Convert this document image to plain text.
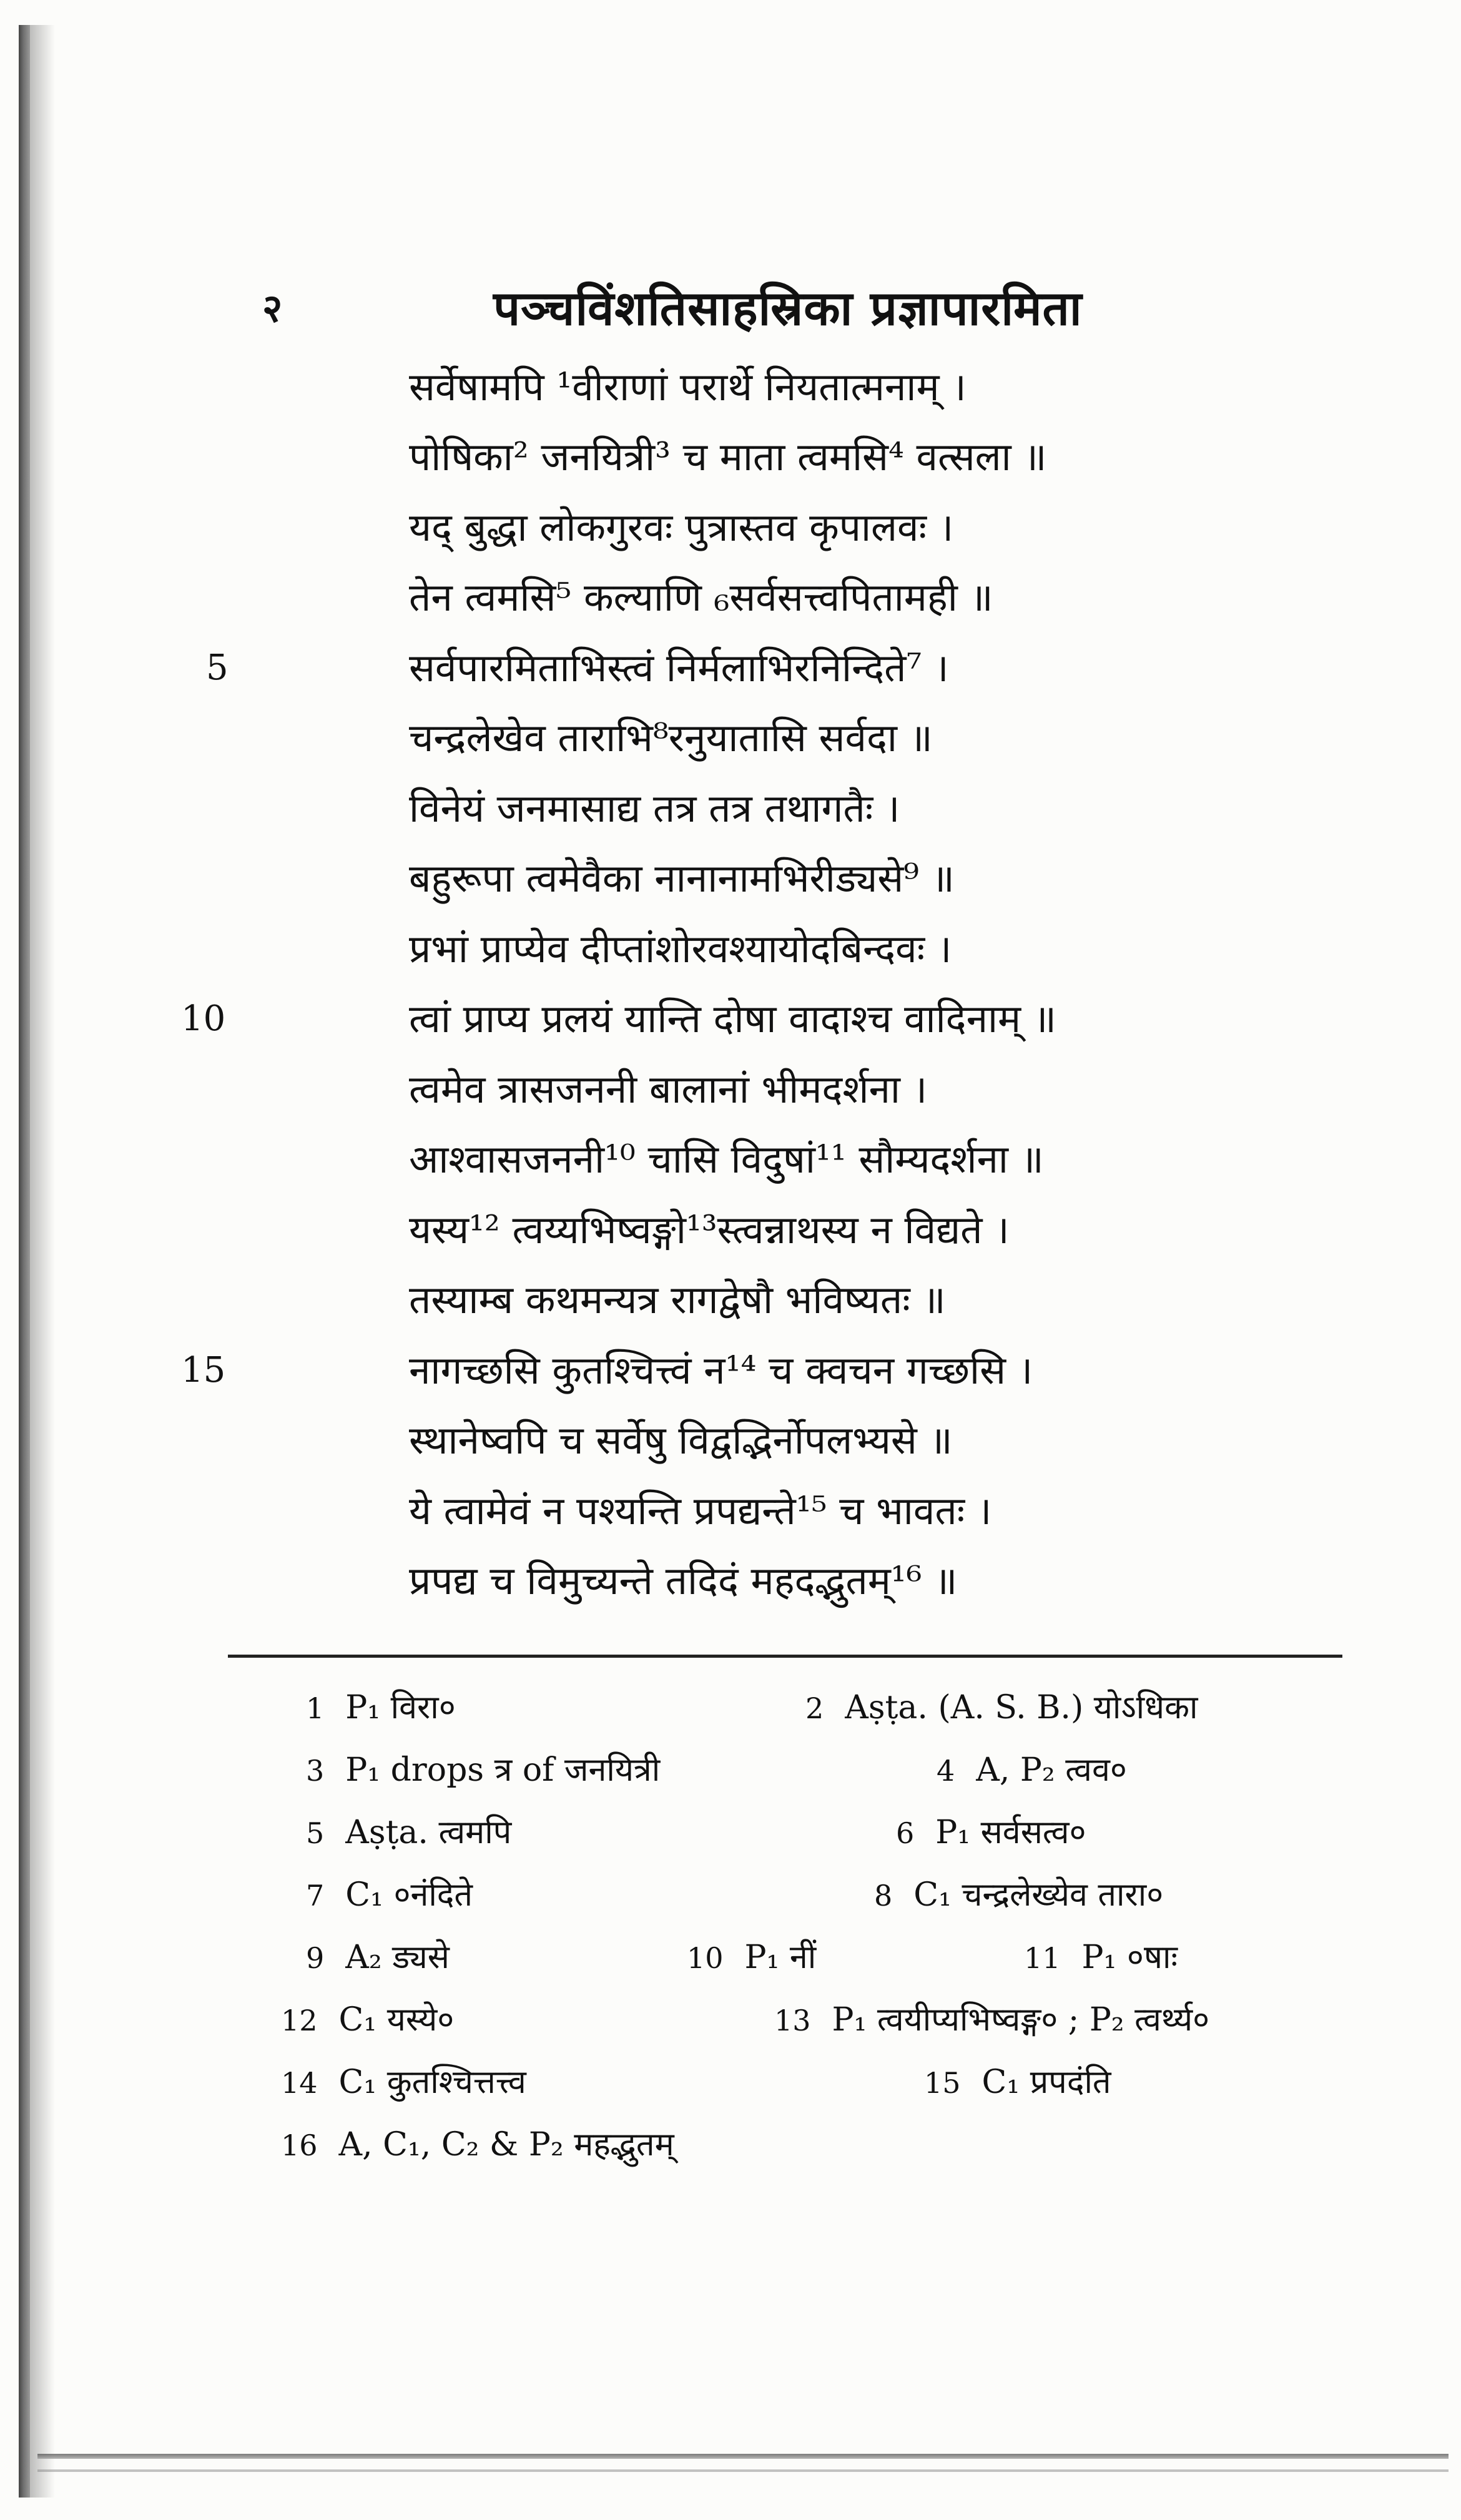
२	पञ्चविंशतिसाहस्रिका प्रज्ञापारमिता
सर्वेषामपि ¹वीराणां परार्थे नियतात्मनाम् ।
पोषिका² जनयित्री³ च माता त्वमसि⁴ वत्सला ॥
यद् बुद्धा लोकगुरवः पुत्रास्तव कृपालवः ।
तेन त्वमसि⁵ कल्याणि ₆सर्वसत्त्वपितामही ॥
5	सर्वपारमिताभिस्त्वं निर्मलाभिरनिन्दिते⁷ ।
चन्द्रलेखेव ताराभि⁸रनुयातासि सर्वदा ॥
विनेयं जनमासाद्य तत्र तत्र तथागतैः ।
बहुरूपा त्वमेवैका नानानामभिरीड्यसे⁹ ॥
प्रभां प्राप्येव दीप्तांशोरवश्यायोदबिन्दवः ।
10	त्वां प्राप्य प्रलयं यान्ति दोषा वादाश्च वादिनाम् ॥
त्वमेव त्रासजननी बालानां भीमदर्शना ।
आश्वासजननी¹⁰ चासि विदुषां¹¹ सौम्यदर्शना ॥
यस्य¹² त्वय्यभिष्वङ्गो¹³स्त्वन्नाथस्य न विद्यते ।
तस्याम्ब कथमन्यत्र रागद्वेषौ भविष्यतः ॥
15	नागच्छसि कुतश्चित्त्वं न¹⁴ च क्वचन गच्छसि ।
स्थानेष्वपि च सर्वेषु विद्वद्भिर्नोपलभ्यसे ॥
ये त्वामेवं न पश्यन्ति प्रपद्यन्ते¹⁵ च भावतः ।
प्रपद्य च विमुच्यन्ते तदिदं महदद्भुतम्¹⁶ ॥
1 P₁ विरा०	2 Aṣṭa. (A. S. B.) योऽधिका
3 P₁ drops त्र of जनयित्री	4 A, P₂ त्वव०
5 Aṣṭa. त्वमपि	6 P₁ सर्वसत्व०
7 C₁ ०नंदिते	8 C₁ चन्द्रलेख्येव तारा०
9 A₂ ड्यसे	10 P₁ नीं	11 P₁ ०षाः
12 C₁ यस्ये०	13 P₁ त्वयीप्यभिष्वङ्ग० ; P₂ त्वर्थ्य०
14 C₁ कुतश्चित्तत्त्व	15 C₁ प्रपदंति
16 A, C₁, C₂ & P₂ महद्भुतम्
